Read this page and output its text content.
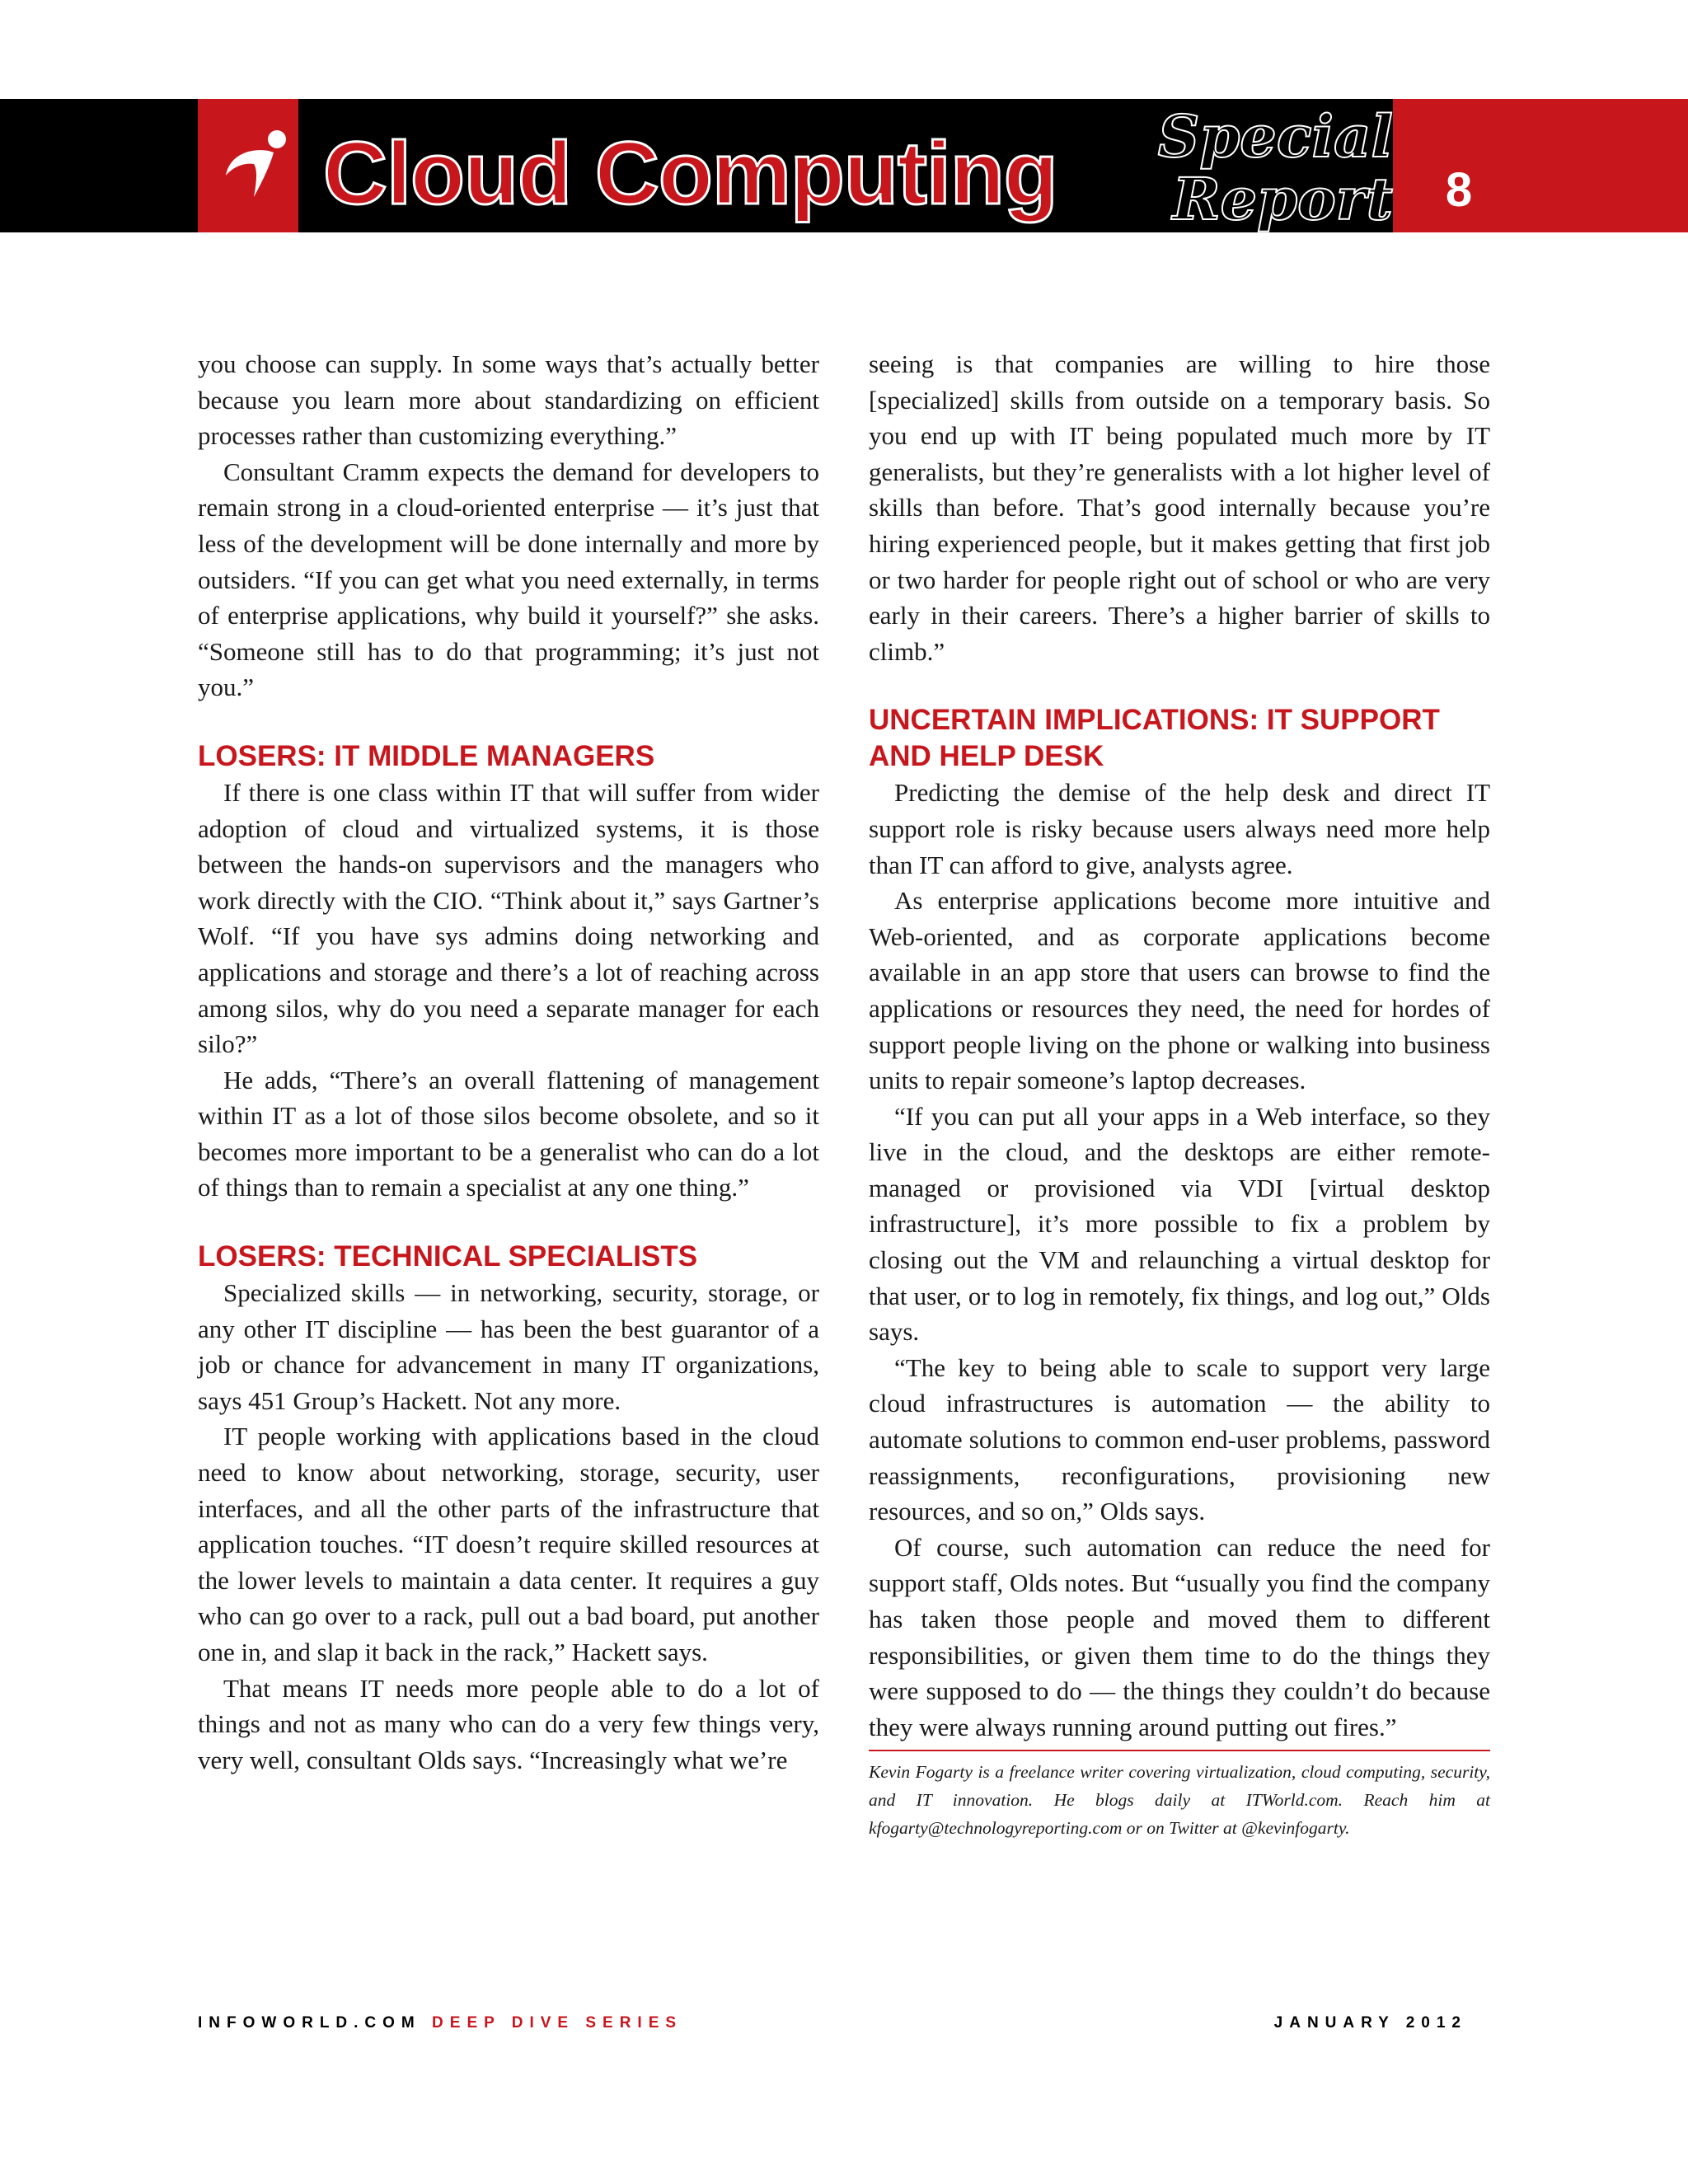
Cloud Computing	Special
Report 8

you choose can supply. In some ways that’s actually better because you learn more about standardizing on efficient processes rather than customizing everything.”

Consultant Cramm expects the demand for developers to remain strong in a cloud-oriented enterprise — it’s just that less of the development will be done internally and more by outsiders. “If you can get what you need externally, in terms of enterprise applications, why build it yourself?” she asks. “Someone still has to do that programming; it’s just not you.”

LOSERS: IT MIDDLE MANAGERS

If there is one class within IT that will suffer from wider adoption of cloud and virtualized systems, it is those between the hands-on supervisors and the managers who work directly with the CIO. “Think about it,” says Gartner’s Wolf. “If you have sys admins doing networking and applications and storage and there’s a lot of reaching across among silos, why do you need a separate manager for each silo?”

He adds, “There’s an overall flattening of management within IT as a lot of those silos become obsolete, and so it becomes more important to be a generalist who can do a lot of things than to remain a specialist at any one thing.”

LOSERS: TECHNICAL SPECIALISTS

Specialized skills — in networking, security, storage, or any other IT discipline — has been the best guarantor of a job or chance for advancement in many IT organizations, says 451 Group’s Hackett. Not any more.

IT people working with applications based in the cloud need to know about networking, storage, security, user interfaces, and all the other parts of the infrastructure that application touches. “IT doesn’t require skilled resources at the lower levels to maintain a data center. It requires a guy who can go over to a rack, pull out a bad board, put another one in, and slap it back in the rack,” Hackett says.

That means IT needs more people able to do a lot of things and not as many who can do a very few things very, very well, consultant Olds says. “Increasingly what we’re

seeing is that companies are willing to hire those [specialized] skills from outside on a temporary basis. So you end up with IT being populated much more by IT generalists, but they’re generalists with a lot higher level of skills than before. That’s good internally because you’re hiring experienced people, but it makes getting that first job or two harder for people right out of school or who are very early in their careers. There’s a higher barrier of skills to climb.”

UNCERTAIN IMPLICATIONS: IT SUPPORT AND HELP DESK

Predicting the demise of the help desk and direct IT support role is risky because users always need more help than IT can afford to give, analysts agree.

As enterprise applications become more intuitive and Web-oriented, and as corporate applications become available in an app store that users can browse to find the applications or resources they need, the need for hordes of support people living on the phone or walking into business units to repair someone’s laptop decreases.

“If you can put all your apps in a Web interface, so they live in the cloud, and the desktops are either remote-managed or provisioned via VDI [virtual desktop infrastructure], it’s more possible to fix a problem by closing out the VM and relaunching a virtual desktop for that user, or to log in remotely, fix things, and log out,” Olds says.

“The key to being able to scale to support very large cloud infrastructures is automation — the ability to automate solutions to common end-user problems, password reassignments, reconfigurations, provisioning new resources, and so on,” Olds says.

Of course, such automation can reduce the need for support staff, Olds notes. But “usually you find the company has taken those people and moved them to different responsibilities, or given them time to do the things they were supposed to do — the things they couldn’t do because they were always running around putting out fires.”

Kevin Fogarty is a freelance writer covering virtualization, cloud computing, security, and IT innovation. He blogs daily at ITWorld.com. Reach him at kfogarty@technologyreporting.com or on Twitter at @kevinfogarty.

INFOWORLD.COM DEEP DIVE SERIES	JANUARY 2012
